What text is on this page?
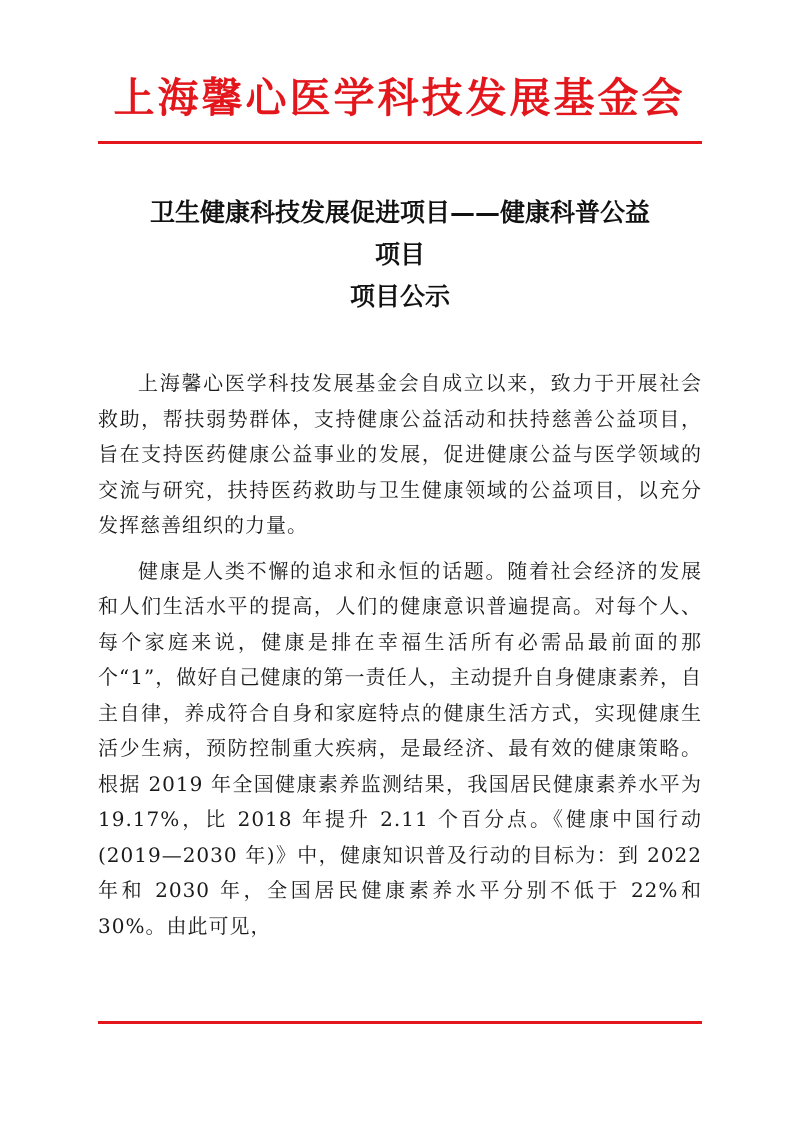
上海馨心医学科技发展基金会
卫生健康科技发展促进项目——健康科普公益
项目
项目公示

上海馨心医学科技发展基金会自成立以来，致力于开展社会救助，帮扶弱势群体，支持健康公益活动和扶持慈善公益项目，旨在支持医药健康公益事业的发展，促进健康公益与医学领域的交流与研究，扶持医药救助与卫生健康领域的公益项目，以充分发挥慈善组织的力量。

健康是人类不懈的追求和永恒的话题。随着社会经济的发展和人们生活水平的提高，人们的健康意识普遍提高。对每个人、每个家庭来说，健康是排在幸福生活所有必需品最前面的那个“1”，做好自己健康的第一责任人，主动提升自身健康素养，自主自律，养成符合自身和家庭特点的健康生活方式，实现健康生活少生病，预防控制重大疾病，是最经济、最有效的健康策略。根据 2019 年全国健康素养监测结果，我国居民健康素养水平为 19.17%，比 2018 年提升 2.11 个百分点。《健康中国行动(2019—2030 年)》中，健康知识普及行动的目标为：到 2022 年和 2030 年，全国居民健康素养水平分别不低于 22%和 30%。由此可见，
